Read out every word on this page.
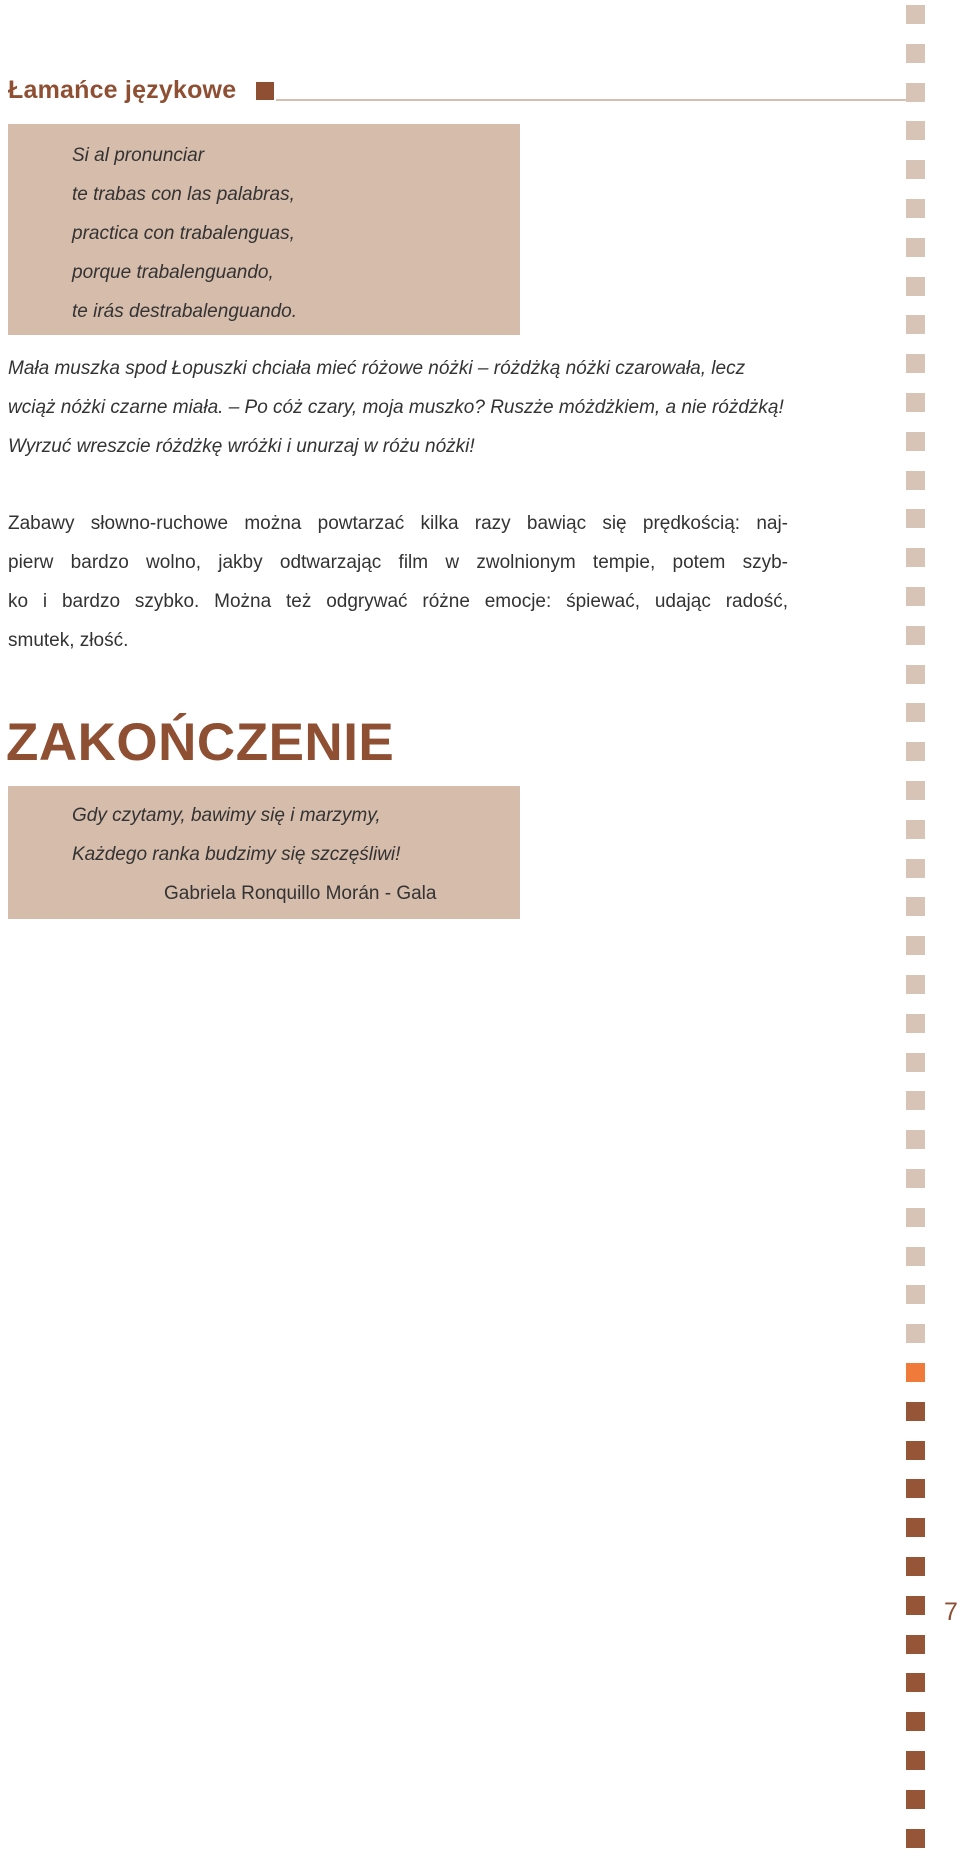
Łamańce językowe
Si al pronunciar
te trabas con las palabras,
practica con trabalenguas,
porque trabalenguando,
te irás destrabalenguando.

Mała muszka spod Łopuszki chciała mieć różowe nóżki – różdżką nóżki czarowała, lecz
wciąż nóżki czarne miała. – Po cóż czary, moja muszko? Ruszże móżdżkiem, a nie różdżką!
Wyrzuć wreszcie różdżkę wróżki i unurzaj w różu nóżki!

Zabawy słowno-ruchowe można powtarzać kilka razy bawiąc się prędkością: naj-
pierw bardzo wolno, jakby odtwarzając film w zwolnionym tempie, potem szyb-
ko i bardzo szybko. Można też odgrywać różne emocje: śpiewać, udając radość,
smutek, złość.

ZAKOŃCZENIE
Gdy czytamy, bawimy się i marzymy,
Każdego ranka budzimy się szczęśliwi!
Gabriela Ronquillo Morán - Gala
7
